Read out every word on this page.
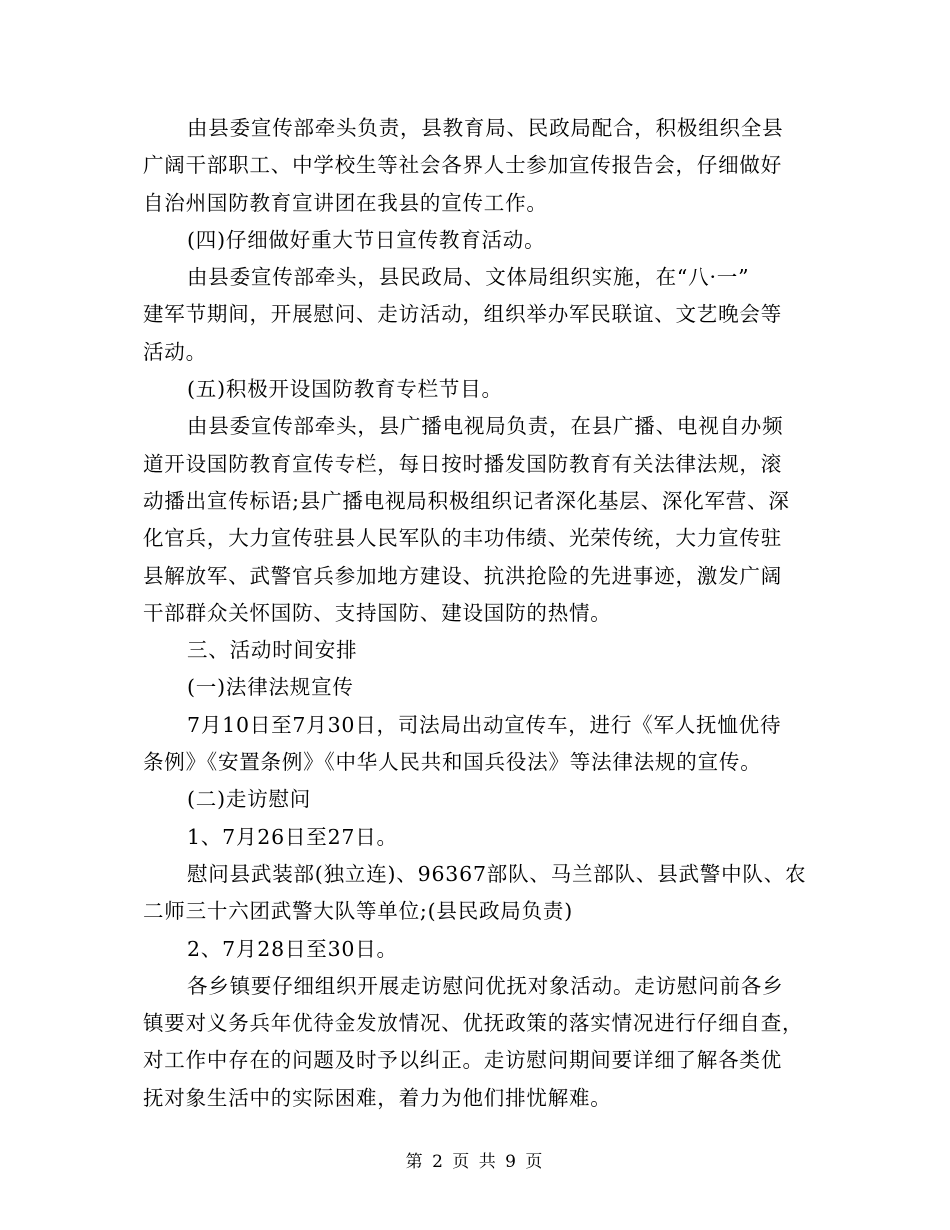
由县委宣传部牵头负责，县教育局、民政局配合，积极组织全县
广阔干部职工、中学校生等社会各界人士参加宣传报告会，仔细做好
自治州国防教育宣讲团在我县的宣传工作。
(四)仔细做好重大节日宣传教育活动。
由县委宣传部牵头，县民政局、文体局组织实施，在“八·一”
建军节期间，开展慰问、走访活动，组织举办军民联谊、文艺晚会等
活动。
(五)积极开设国防教育专栏节目。
由县委宣传部牵头，县广播电视局负责，在县广播、电视自办频
道开设国防教育宣传专栏，每日按时播发国防教育有关法律法规，滚
动播出宣传标语;县广播电视局积极组织记者深化基层、深化军营、深
化官兵，大力宣传驻县人民军队的丰功伟绩、光荣传统，大力宣传驻
县解放军、武警官兵参加地方建设、抗洪抢险的先进事迹，激发广阔
干部群众关怀国防、支持国防、建设国防的热情。
三、活动时间安排
(一)法律法规宣传
7月10日至7月30日，司法局出动宣传车，进行《军人抚恤优待
条例》《安置条例》《中华人民共和国兵役法》等法律法规的宣传。
(二)走访慰问
1、7月26日至27日。
慰问县武装部(独立连)、96367部队、马兰部队、县武警中队、农
二师三十六团武警大队等单位;(县民政局负责)
2、7月28日至30日。
各乡镇要仔细组织开展走访慰问优抚对象活动。走访慰问前各乡
镇要对义务兵年优待金发放情况、优抚政策的落实情况进行仔细自查，
对工作中存在的问题及时予以纠正。走访慰问期间要详细了解各类优
抚对象生活中的实际困难，着力为他们排忧解难。
第 2 页 共 9 页
